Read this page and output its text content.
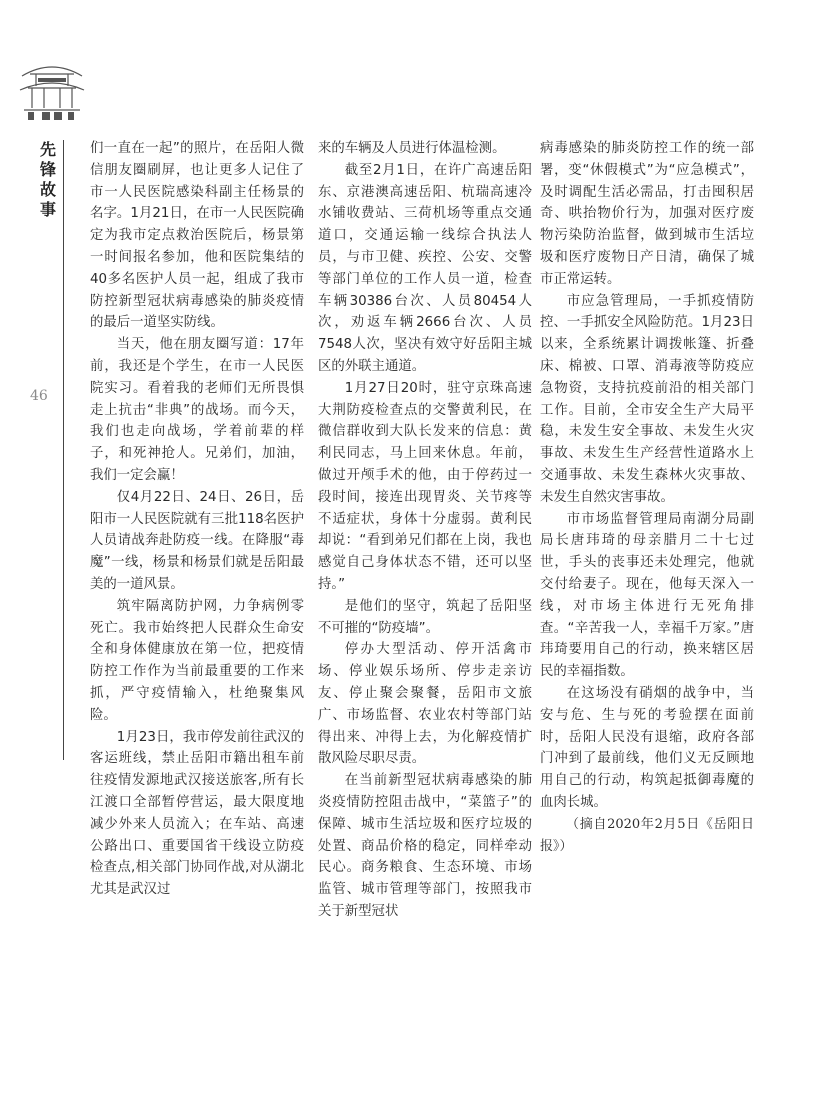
先锋故事
46

们一直在一起”的照片，在岳阳人微信朋友圈刷屏，也让更多人记住了市一人民医院感染科副主任杨景的名字。1月21日，在市一人民医院确定为我市定点救治医院后，杨景第一时间报名参加，他和医院集结的40多名医护人员一起，组成了我市防控新型冠状病毒感染的肺炎疫情的最后一道坚实防线。

当天，他在朋友圈写道：17年前，我还是个学生，在市一人民医院实习。看着我的老师们无所畏惧走上抗击“非典”的战场。而今天，我们也走向战场，学着前辈的样子，和死神抢人。兄弟们，加油，我们一定会赢！

仅4月22日、24日、26日，岳阳市一人民医院就有三批118名医护人员请战奔赴防疫一线。在降服“毒魔”一线，杨景和杨景们就是岳阳最美的一道风景。

筑牢隔离防护网，力争病例零死亡。我市始终把人民群众生命安全和身体健康放在第一位，把疫情防控工作作为当前最重要的工作来抓，严守疫情输入，杜绝聚集风险。

1月23日，我市停发前往武汉的客运班线，禁止岳阳市籍出租车前往疫情发源地武汉接送旅客,所有长江渡口全部暂停营运，最大限度地减少外来人员流入；在车站、高速公路出口、重要国省干线设立防疫检查点,相关部门协同作战,对从湖北尤其是武汉过

来的车辆及人员进行体温检测。

截至2月1日，在许广高速岳阳东、京港澳高速岳阳、杭瑞高速冷水铺收费站、三荷机场等重点交通道口，交通运输一线综合执法人员，与市卫健、疾控、公安、交警等部门单位的工作人员一道，检查车辆30386台次、人员80454人次，劝返车辆2666台次、人员7548人次，坚决有效守好岳阳主城区的外联主通道。

1月27日20时，驻守京珠高速大荆防疫检查点的交警黄利民，在微信群收到大队长发来的信息：黄利民同志，马上回来休息。年前，做过开颅手术的他，由于停药过一段时间，接连出现胃炎、关节疼等不适症状，身体十分虚弱。黄利民却说：“看到弟兄们都在上岗，我也感觉自己身体状态不错，还可以坚持。”

是他们的坚守，筑起了岳阳坚不可摧的“防疫墙”。

停办大型活动、停开活禽市场、停业娱乐场所、停步走亲访友、停止聚会聚餐，岳阳市文旅广、市场监督、农业农村等部门站得出来、冲得上去，为化解疫情扩散风险尽职尽责。

在当前新型冠状病毒感染的肺炎疫情防控阻击战中，“菜篮子”的保障、城市生活垃圾和医疗垃圾的处置、商品价格的稳定，同样牵动民心。商务粮食、生态环境、市场监管、城市管理等部门，按照我市关于新型冠状

病毒感染的肺炎防控工作的统一部署，变“休假模式”为“应急模式”，及时调配生活必需品，打击囤积居奇、哄抬物价行为，加强对医疗废物污染防治监督，做到城市生活垃圾和医疗废物日产日清，确保了城市正常运转。

市应急管理局，一手抓疫情防控、一手抓安全风险防范。1月23日以来，全系统累计调拨帐篷、折叠床、棉被、口罩、消毒液等防疫应急物资，支持抗疫前沿的相关部门工作。目前，全市安全生产大局平稳，未发生安全事故、未发生火灾事故、未发生生产经营性道路水上交通事故、未发生森林火灾事故、未发生自然灾害事故。

市市场监督管理局南湖分局副局长唐玮琦的母亲腊月二十七过世，手头的丧事还未处理完，他就交付给妻子。现在，他每天深入一线，对市场主体进行无死角排查。“辛苦我一人，幸福千万家。”唐玮琦要用自己的行动，换来辖区居民的幸福指数。

在这场没有硝烟的战争中，当安与危、生与死的考验摆在面前时，岳阳人民没有退缩，政府各部门冲到了最前线，他们义无反顾地用自己的行动，构筑起抵御毒魔的血肉长城。

（摘自2020年2月5日《岳阳日报》）
